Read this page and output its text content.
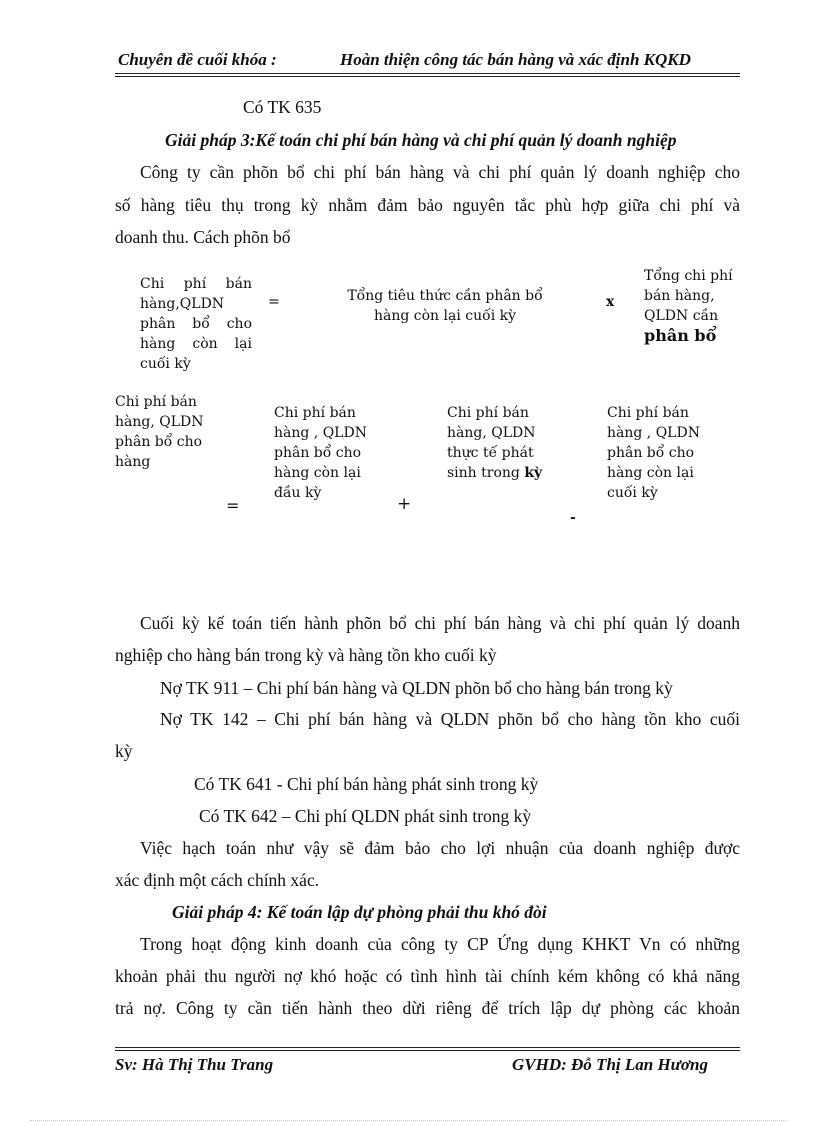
Chuyên đề cuối khóa :	Hoàn thiện công tác bán hàng và xác định KQKD
Có TK 635
Giải pháp 3:Kế toán chi phí bán hàng và chi phí quản lý doanh nghiệp
Công ty cần phõn bổ chi phí bán hàng và chi phí quản lý doanh nghiệp cho
số hàng tiêu thụ trong kỳ nhằm đảm bảo nguyên tắc phù hợp giữa chi phí và
doanh thu. Cách phõn bổ
Chi phí bán hàng,QLDN phân bổ cho hàng còn lại cuối kỳ
=	Tổng tiêu thức cần phân bổ hàng còn lại cuối kỳ
x
Tổng chi phí bán hàng, QLDN cần
phân bổ
Chi phí bán hàng, QLDN phân bổ cho hàng
=
Chi phí bán hàng , QLDN phân bổ cho hàng còn lại đầu kỳ
+
Chi phí bán hàng, QLDN thực tế phát sinh trong kỳ
-
Chi phí bán hàng , QLDN phân bổ cho hàng còn lại cuối kỳ
Cuối kỳ kế toán tiến hành phõn bổ chi phí bán hàng và chi phí quản lý doanh
nghiệp cho hàng bán trong kỳ và hàng tồn kho cuối kỳ
Nợ TK 911 – Chi phí bán hàng và QLDN phõn bổ cho hàng bán trong kỳ
Nợ TK 142 – Chi phí bán hàng và QLDN phõn bổ cho hàng tồn kho cuối
kỳ
Có TK 641 - Chi phí bán hàng phát sinh trong kỳ
Có TK 642 – Chi phí QLDN phát sinh trong kỳ
Việc hạch toán như vậy sẽ đảm bảo cho lợi nhuận của doanh nghiệp được
xác định một cách chính xác.
Giải pháp 4: Kế toán lập dự phòng phải thu khó đòi
Trong hoạt động kinh doanh của công ty CP Ứng dụng KHKT Vn có những
khoản phải thu người nợ khó hoặc có tình hình tài chính kém không có khả năng
trả nợ. Công ty cần tiến hành theo dừi riêng để trích lập dự phòng các khoản
Sv: Hà Thị Thu Trang	GVHD: Đỗ Thị Lan Hương
